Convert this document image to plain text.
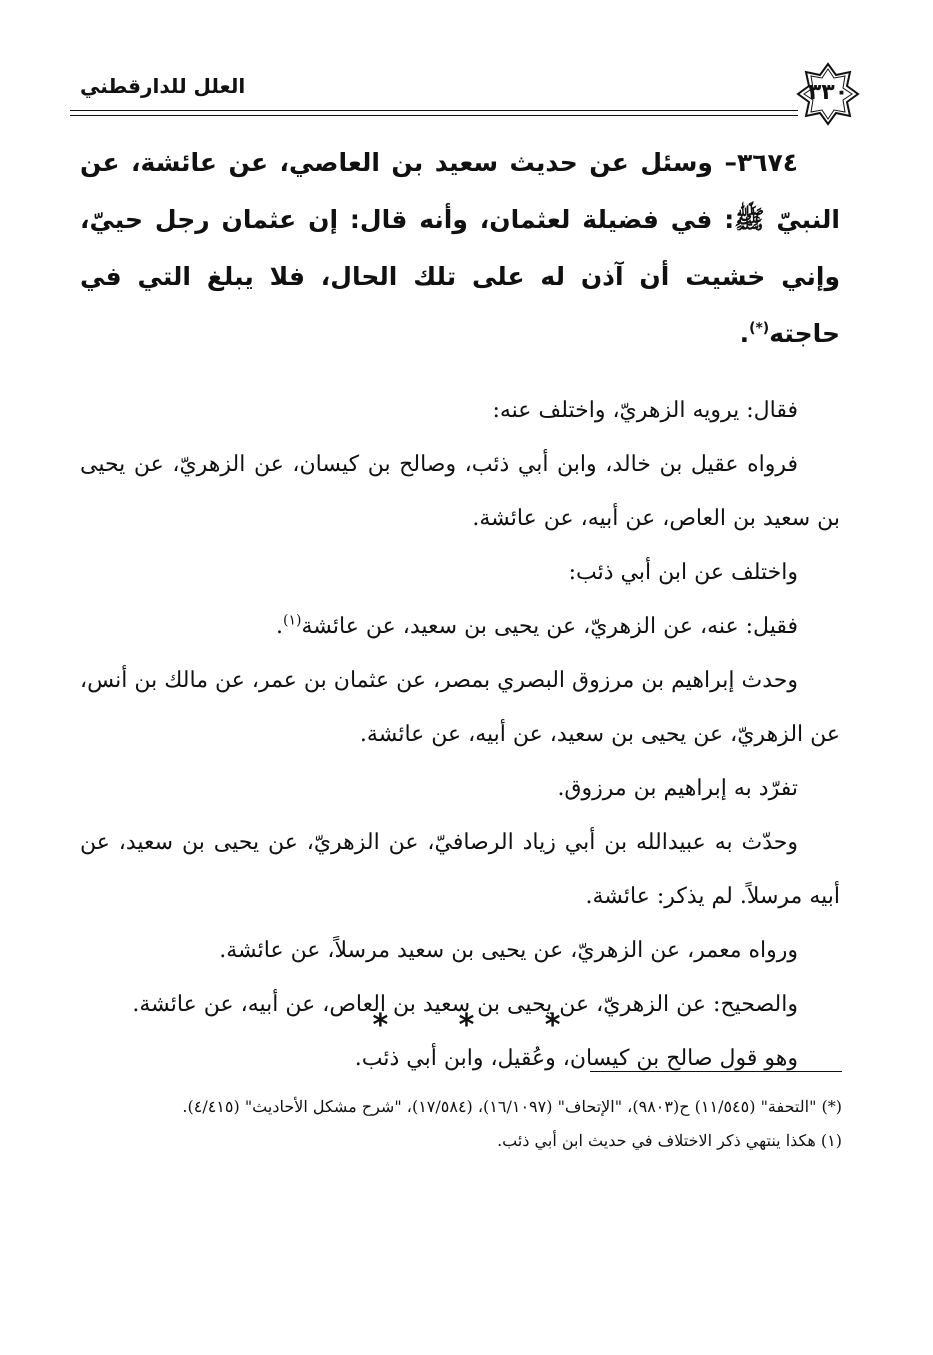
العلل للدارقطني	٣٣٠

٣٦٧٤– وسئل عن حديث سعيد بن العاصي، عن عائشة، عن النبيّ ﷺ: في فضيلة لعثمان، وأنه قال: إن عثمان رجل حييّ، وإني خشيت أن آذن له على تلك الحال، فلا يبلغ التي في حاجته(*).

فقال: يرويه الزهريّ، واختلف عنه:

فرواه عقيل بن خالد، وابن أبي ذئب، وصالح بن كيسان، عن الزهريّ، عن يحيى بن سعيد بن العاص، عن أبيه، عن عائشة.

واختلف عن ابن أبي ذئب:

فقيل: عنه، عن الزهريّ، عن يحيى بن سعيد، عن عائشة$^{(١)}$.

وحدث إبراهيم بن مرزوق البصري بمصر، عن عثمان بن عمر، عن مالك بن أنس، عن الزهريّ، عن يحيى بن سعيد، عن أبيه، عن عائشة.

تفرّد به إبراهيم بن مرزوق.

وحدّث به عبيدالله بن أبي زياد الرصافيّ، عن الزهريّ، عن يحيى بن سعيد، عن أبيه مرسلاً. لم يذكر: عائشة.

ورواه معمر، عن الزهريّ، عن يحيى بن سعيد مرسلاً، عن عائشة.

والصحيح: عن الزهريّ، عن يحيى بن سعيد بن العاص، عن أبيه، عن عائشة.

وهو قول صالح بن كيسان، وعُقيل، وابن أبي ذئب.

* * *

(*) "التحفة" (١١/٥٤٥) ح(٩٨٠٣)، "الإتحاف" (١٦/١٠٩٧)، (١٧/٥٨٤)، "شرح مشكل الأحاديث" (٤/٤١٥).

(١) هكذا ينتهي ذكر الاختلاف في حديث ابن أبي ذئب.
